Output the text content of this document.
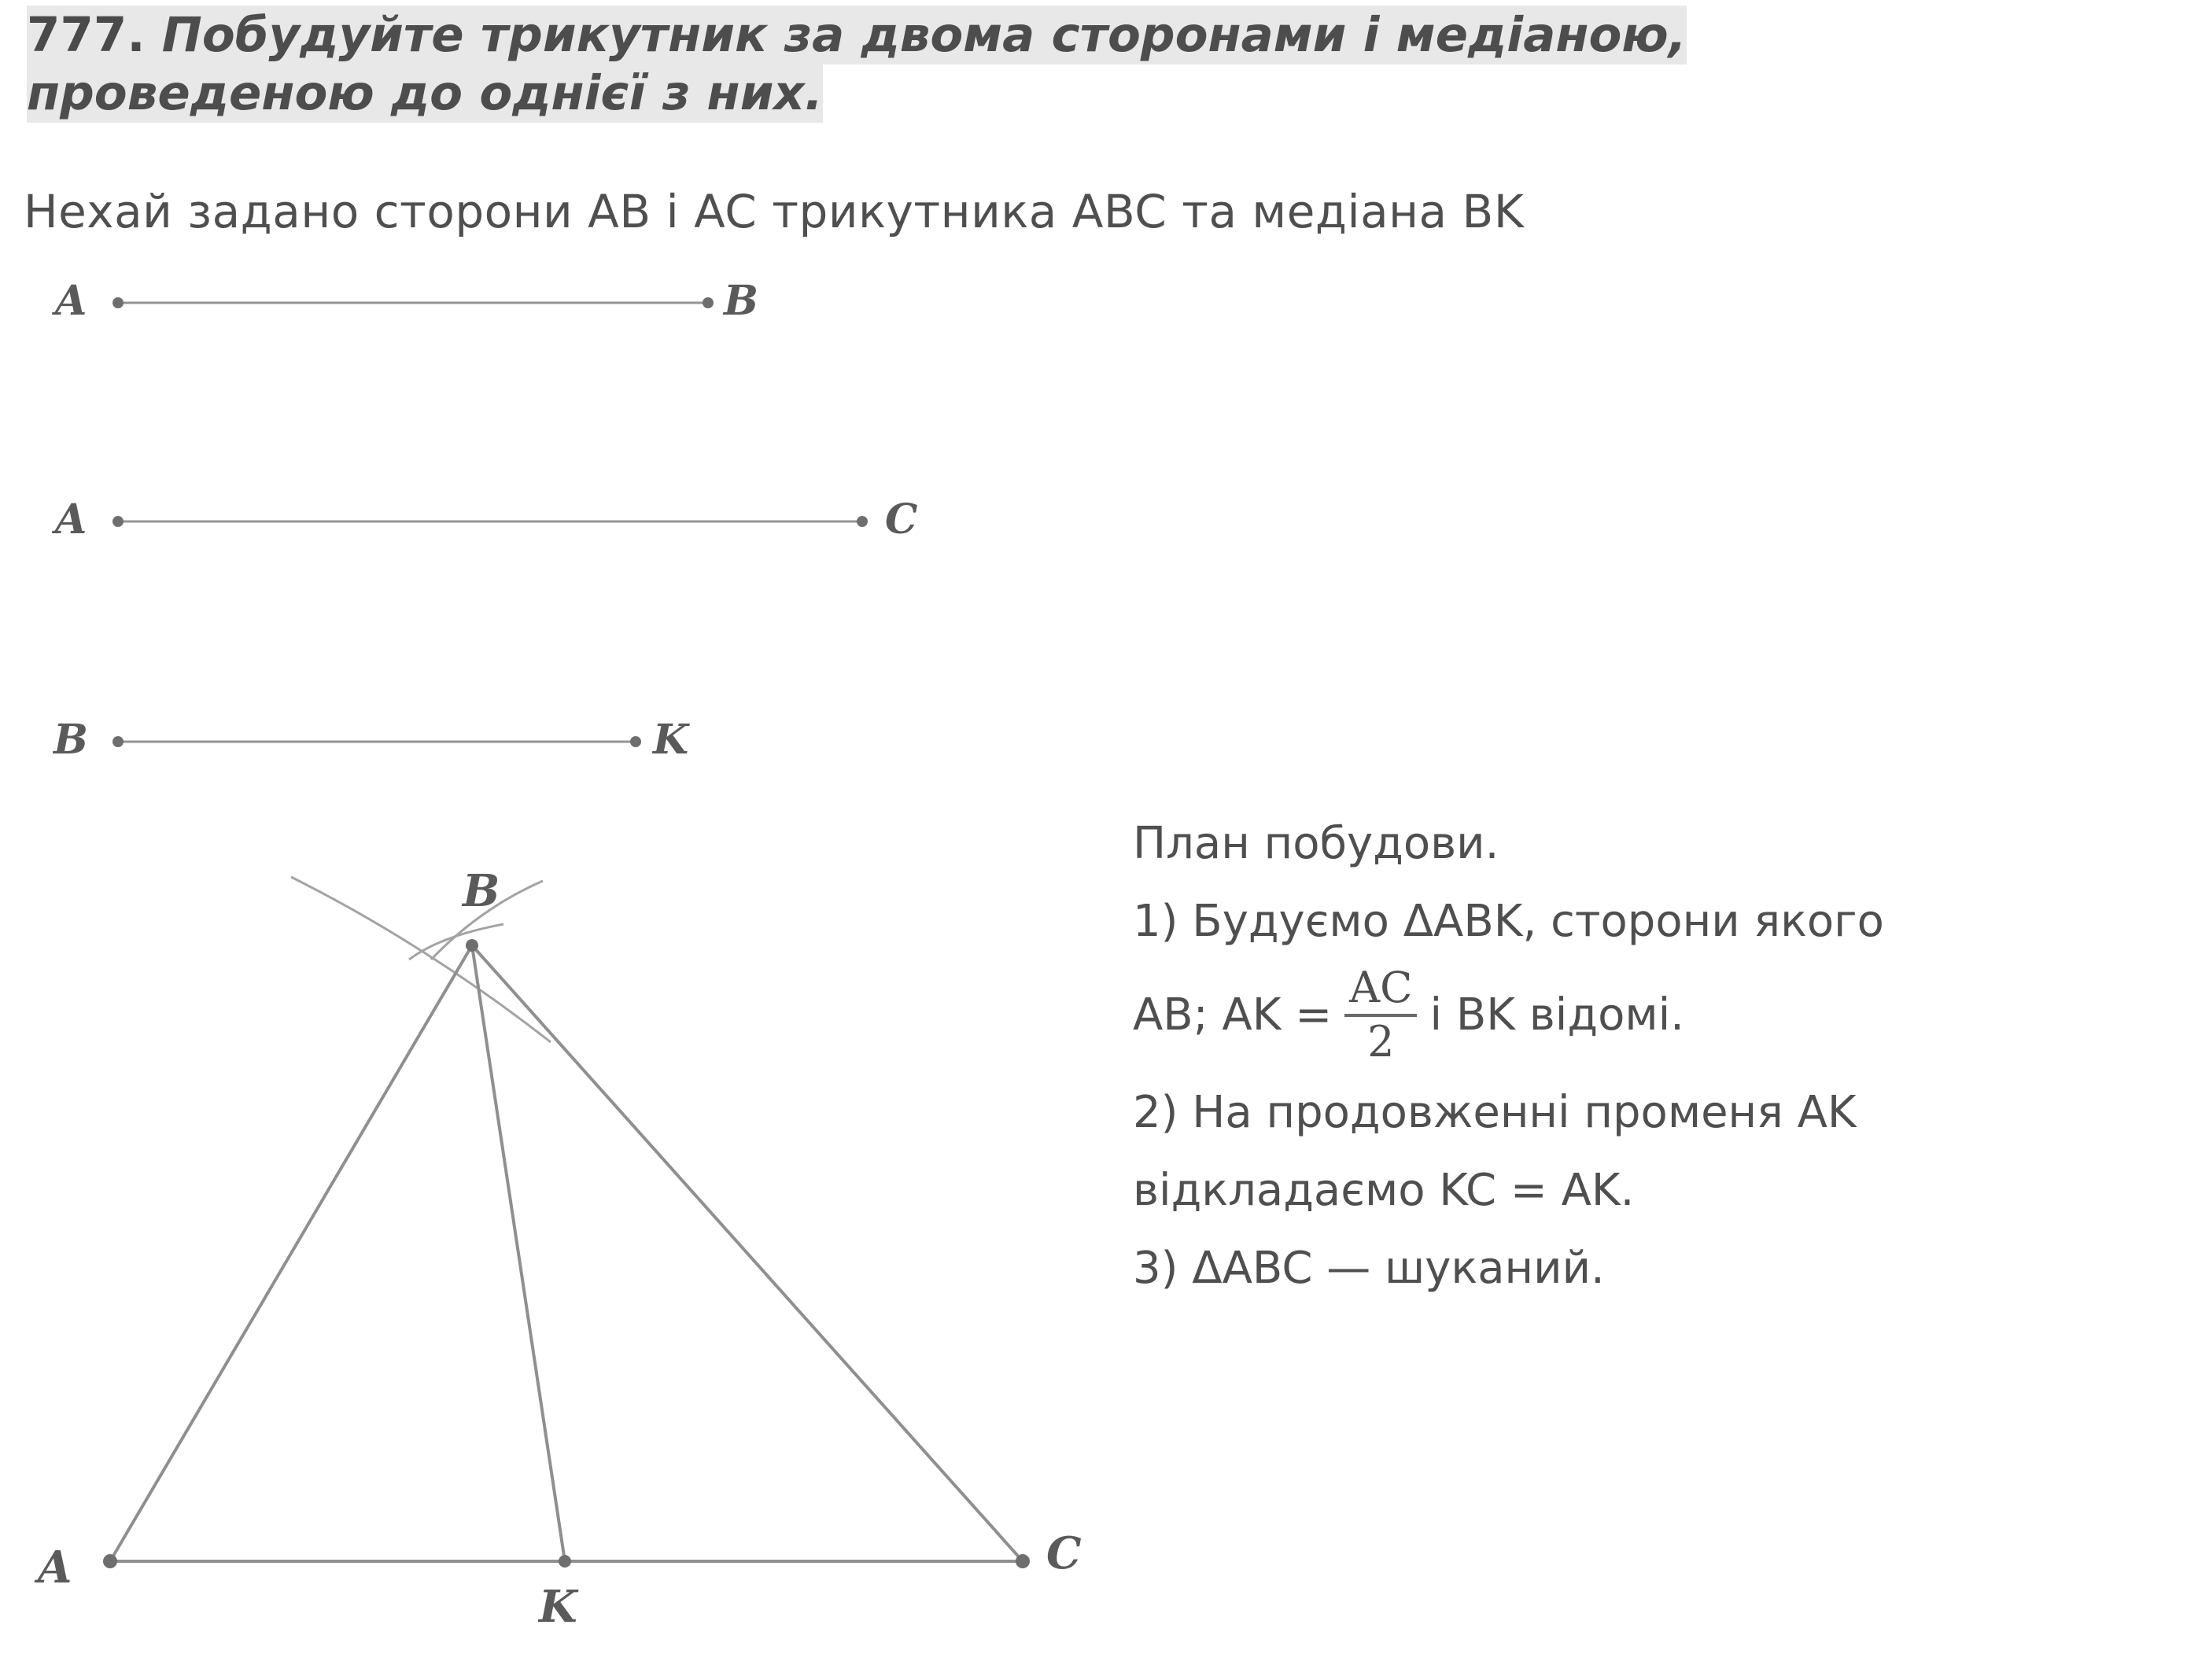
777. Побудуйте трикутник за двома сторонами і медіаною,
проведеною до однієї з них.
Нехай задано сторони AB і AC трикутника ABC та медіана BK
A	B
A	C
B	K

План побудови.

1) Будуємо ΔABK, сторони якого

AB; AK = $\frac{AC}{2}$ і BK відомі.

2) На продовженні променя AK

відкладаємо KC = AK.

3) ΔABC — шуканий.

B
A	C
K
